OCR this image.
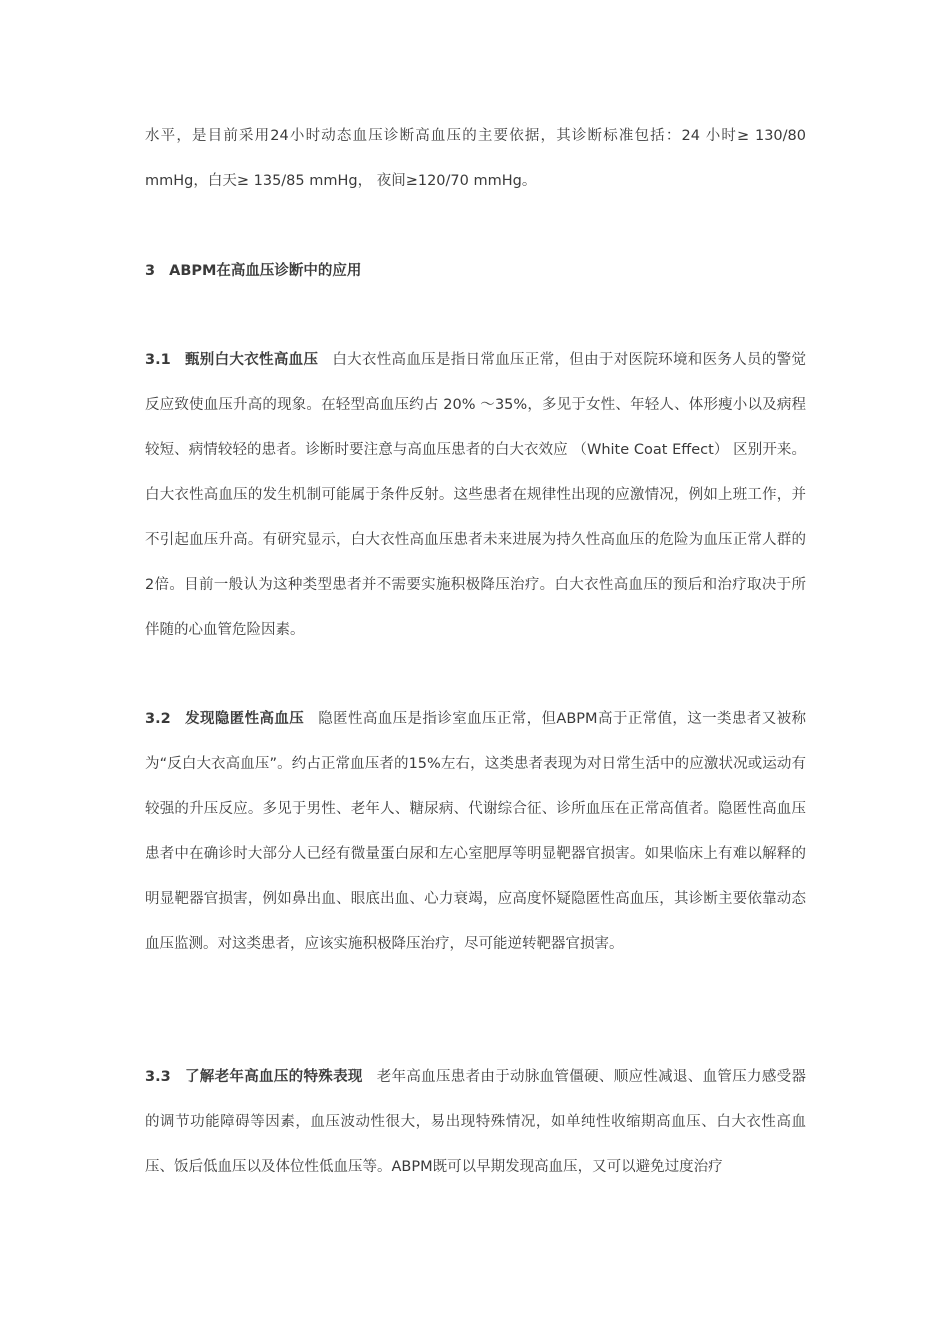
水平，是目前采用24小时动态血压诊断高血压的主要依据，其诊断标准包括：24 小时≥ 130/80 mmHg，白天≥ 135/85 mmHg， 夜间≥120/70 mmHg。

3 ABPM在高血压诊断中的应用

3.1 甄别白大衣性高血压 白大衣性高血压是指日常血压正常，但由于对医院环境和医务人员的警觉反应致使血压升高的现象。在轻型高血压约占 20% ～35%，多见于女性、年轻人、体形瘦小以及病程较短、病情较轻的患者。诊断时要注意与高血压患者的白大衣效应 （White Coat Effect） 区别开来。白大衣性高血压的发生机制可能属于条件反射。这些患者在规律性出现的应激情况，例如上班工作，并不引起血压升高。有研究显示，白大衣性高血压患者未来进展为持久性高血压的危险为血压正常人群的2倍。目前一般认为这种类型患者并不需要实施积极降压治疗。白大衣性高血压的预后和治疗取决于所伴随的心血管危险因素。

3.2 发现隐匿性高血压 隐匿性高血压是指诊室血压正常，但ABPM高于正常值，这一类患者又被称为“反白大衣高血压”。约占正常血压者的15%左右，这类患者表现为对日常生活中的应激状况或运动有较强的升压反应。多见于男性、老年人、糖尿病、代谢综合征、诊所血压在正常高值者。隐匿性高血压患者中在确诊时大部分人已经有微量蛋白尿和左心室肥厚等明显靶器官损害。如果临床上有难以解释的明显靶器官损害，例如鼻出血、眼底出血、心力衰竭，应高度怀疑隐匿性高血压，其诊断主要依靠动态血压监测。对这类患者，应该实施积极降压治疗，尽可能逆转靶器官损害。

3.3 了解老年高血压的特殊表现 老年高血压患者由于动脉血管僵硬、顺应性减退、血管压力感受器的调节功能障碍等因素，血压波动性很大，易出现特殊情况，如单纯性收缩期高血压、白大衣性高血压、饭后低血压以及体位性低血压等。ABPM既可以早期发现高血压，又可以避免过度治疗
